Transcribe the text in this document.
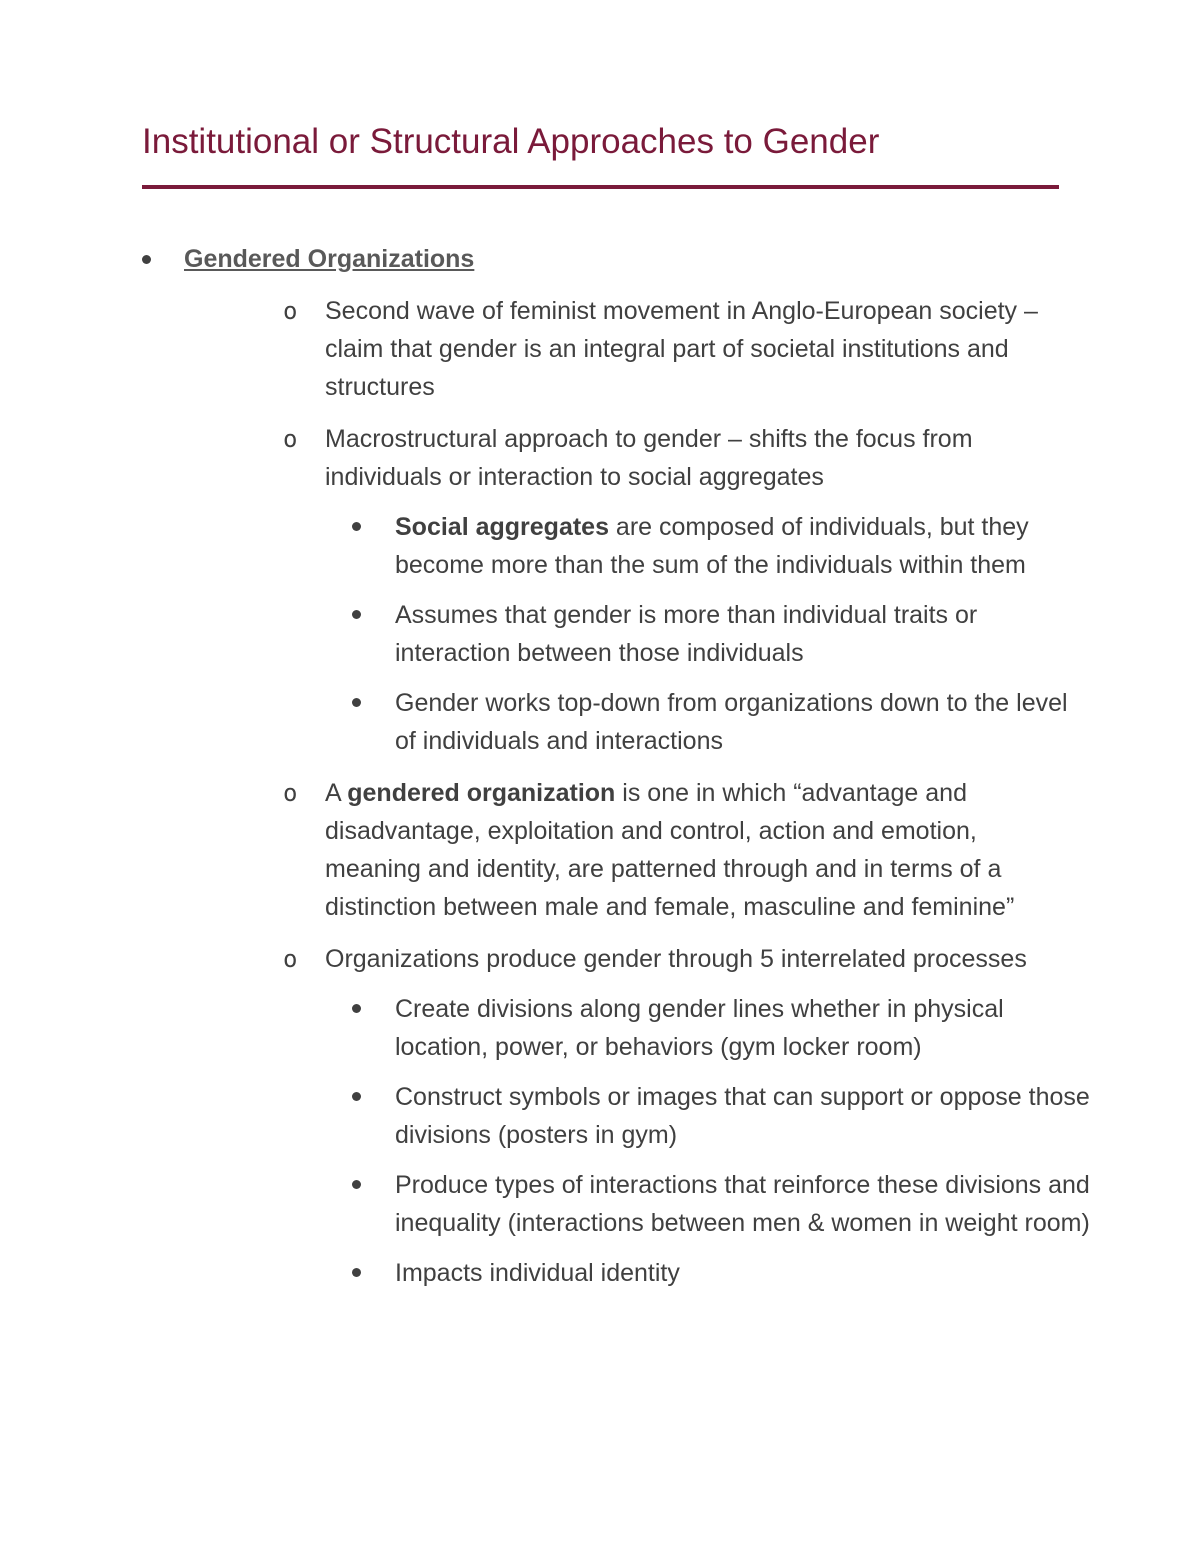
Institutional or Structural Approaches to Gender
Gendered Organizations
o Second wave of feminist movement in Anglo-European society – claim that gender is an integral part of societal institutions and structures
o Macrostructural approach to gender – shifts the focus from individuals or interaction to social aggregates
Social aggregates are composed of individuals, but they become more than the sum of the individuals within them
Assumes that gender is more than individual traits or interaction between those individuals
Gender works top-down from organizations down to the level of individuals and interactions
o A gendered organization is one in which “advantage and disadvantage, exploitation and control, action and emotion, meaning and identity, are patterned through and in terms of a distinction between male and female, masculine and feminine”
o Organizations produce gender through 5 interrelated processes
Create divisions along gender lines whether in physical location, power, or behaviors (gym locker room)
Construct symbols or images that can support or oppose those divisions (posters in gym)
Produce types of interactions that reinforce these divisions and inequality (interactions between men & women in weight room)
Impacts individual identity
